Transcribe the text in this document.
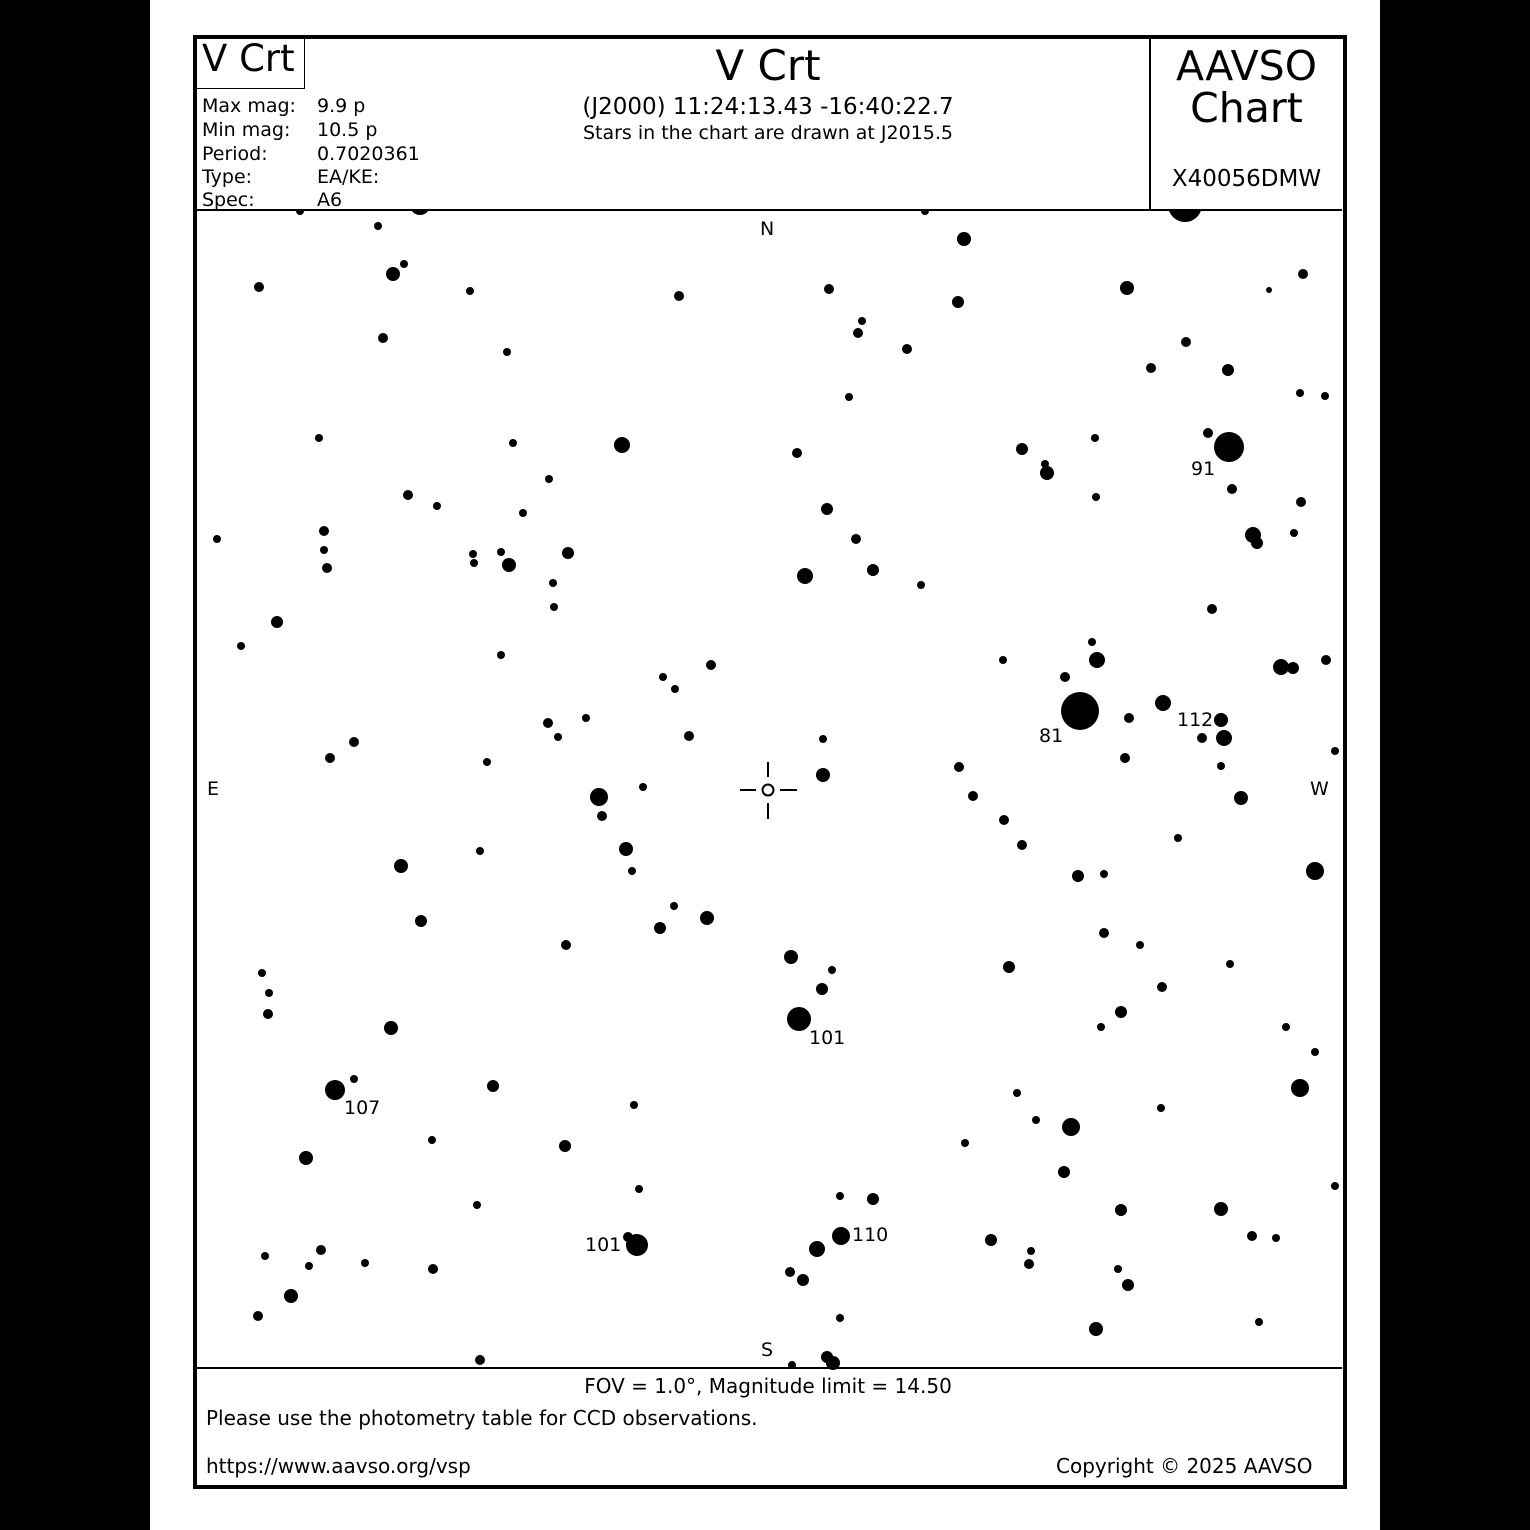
V Crt	V Crt
(J2000) 11:24:13.43 -16:40:22.7
Stars in the chart are drawn at J2015.5
AAVSO
Chart
X40056DMW
Max mag: 9.9 p
Min mag: 10.5 p
Period:	0.7020361
Type:	EA/KE:
Spec:	A6
N
S
E	W
91
81
112
101
107
101	110
FOV = 1.0°, Magnitude limit = 14.50
Please use the photometry table for CCD observations.
https://www.aavso.org/vsp	Copyright © 2025 AAVSO
